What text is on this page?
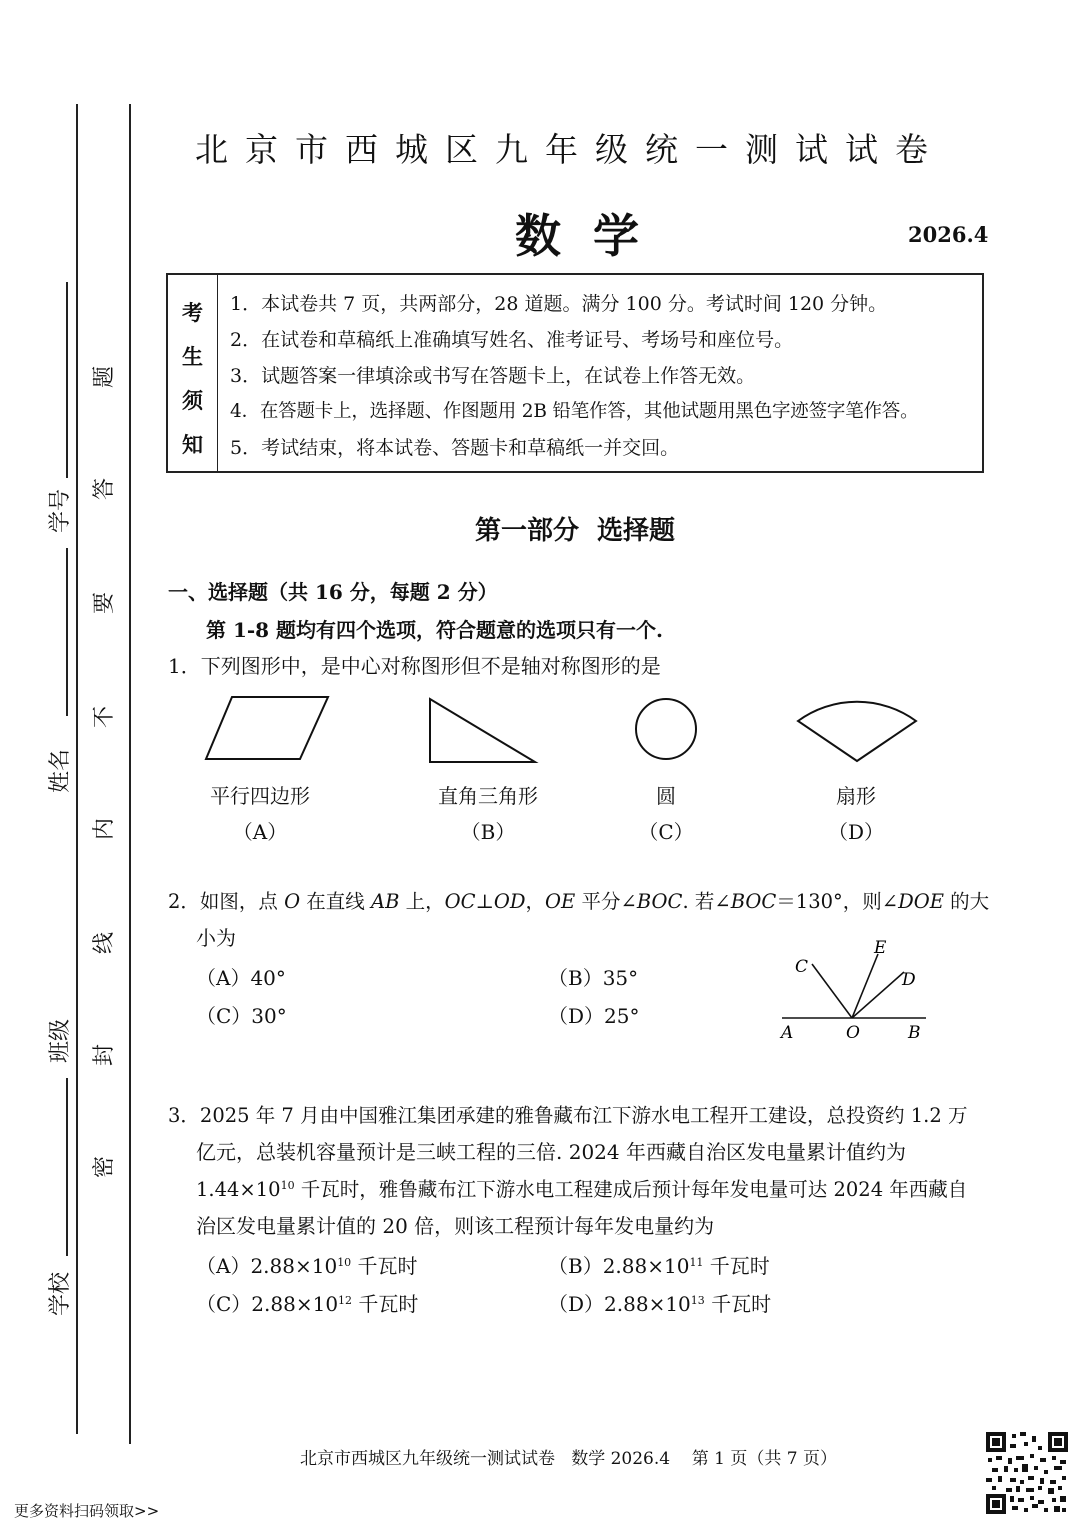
学号
姓名
班级
学校
题
答
要
不
内
线
封
密
北京市西城区九年级统一测试试卷
数  学	2026.4
考
生
须
知
1．本试卷共 7 页，共两部分，28 道题。满分 100 分。考试时间 120 分钟。
2．在试卷和草稿纸上准确填写姓名、准考证号、考场号和座位号。
3．试题答案一律填涂或书写在答题卡上，在试卷上作答无效。
4．在答题卡上，选择题、作图题用 2B 铅笔作答，其他试题用黑色字迹签字笔作答。
5．考试结束，将本试卷、答题卡和草稿纸一并交回。
第一部分  选择题
一、选择题（共 16 分，每题 2 分）
第 1-8 题均有四个选项，符合题意的选项只有一个.
1．下列图形中，是中心对称图形但不是轴对称图形的是
平行四边形
（A）
直角三角形
（B）
圆
（C）
扇形
（D）
2．如图，点 O 在直线 AB 上，OC⊥OD，OE 平分∠BOC. 若∠BOC＝130°，则∠DOE 的大
小为
（A）40°	（B）35°
（C）30°	（D）25°
A	O	B
C
E
D
3．2025 年 7 月由中国雅江集团承建的雅鲁藏布江下游水电工程开工建设，总投资约 1.2 万
亿元，总装机容量预计是三峡工程的三倍. 2024 年西藏自治区发电量累计值约为
$1.44\times 10^{10}$ 千瓦时，雅鲁藏布江下游水电工程建成后预计每年发电量可达 2024 年西藏自
治区发电量累计值的 20 倍，则该工程预计每年发电量约为
$(A)2.88\times 10^{10}$ 千瓦时	$(B)2.88\times 10^{11}$ 千瓦时
$(C)2.88\times 10^{12}$ 千瓦时	$(D)2.88\times 10^{13}$ 千瓦时
北京市西城区九年级统一测试试卷   数学 2026.4    第 1 页（共 7 页）
更多资料扫码领取>>
